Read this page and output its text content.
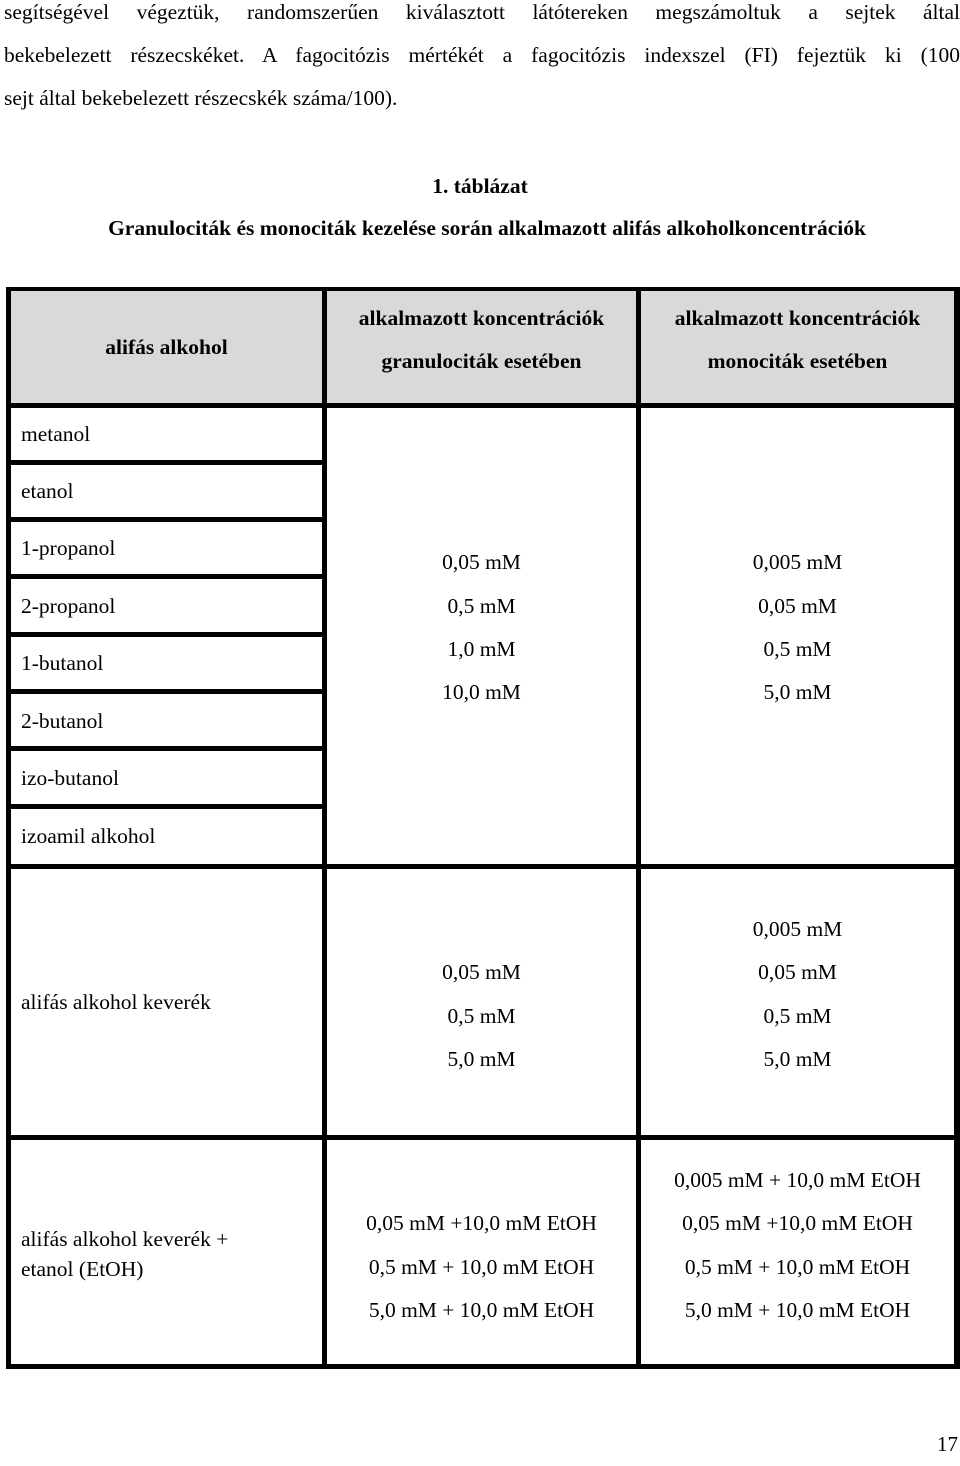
segítségével végeztük, randomszerűen kiválasztott látótereken megszámoltuk a sejtek által
bekebelezett részecskéket. A fagocitózis mértékét a fagocitózis indexszel (FI) fejeztük ki (100
sejt által bekebelezett részecskék száma/100).
1. táblázat
Granulociták és monociták kezelése során alkalmazott alifás alkoholkoncentrációk
alifás alkohol
alkalmazott koncentrációk
granulociták esetében
alkalmazott koncentrációk
monociták esetében
metanol
etanol
1-propanol
2-propanol
1-butanol
2-butanol
izo-butanol
izoamil alkohol
0,05 mM
0,5 mM
1,0 mM
10,0 mM
0,005 mM
0,05 mM
0,5 mM
5,0 mM
alifás alkohol keverék
0,05 mM
0,5 mM
5,0 mM
0,005 mM
0,05 mM
0,5 mM
5,0 mM
alifás alkohol keverék +
etanol (EtOH)
0,05 mM +10,0 mM EtOH
0,5 mM + 10,0 mM EtOH
5,0 mM + 10,0 mM EtOH
0,005 mM + 10,0 mM EtOH
0,05 mM +10,0 mM EtOH
0,5 mM + 10,0 mM EtOH
5,0 mM + 10,0 mM EtOH
17
